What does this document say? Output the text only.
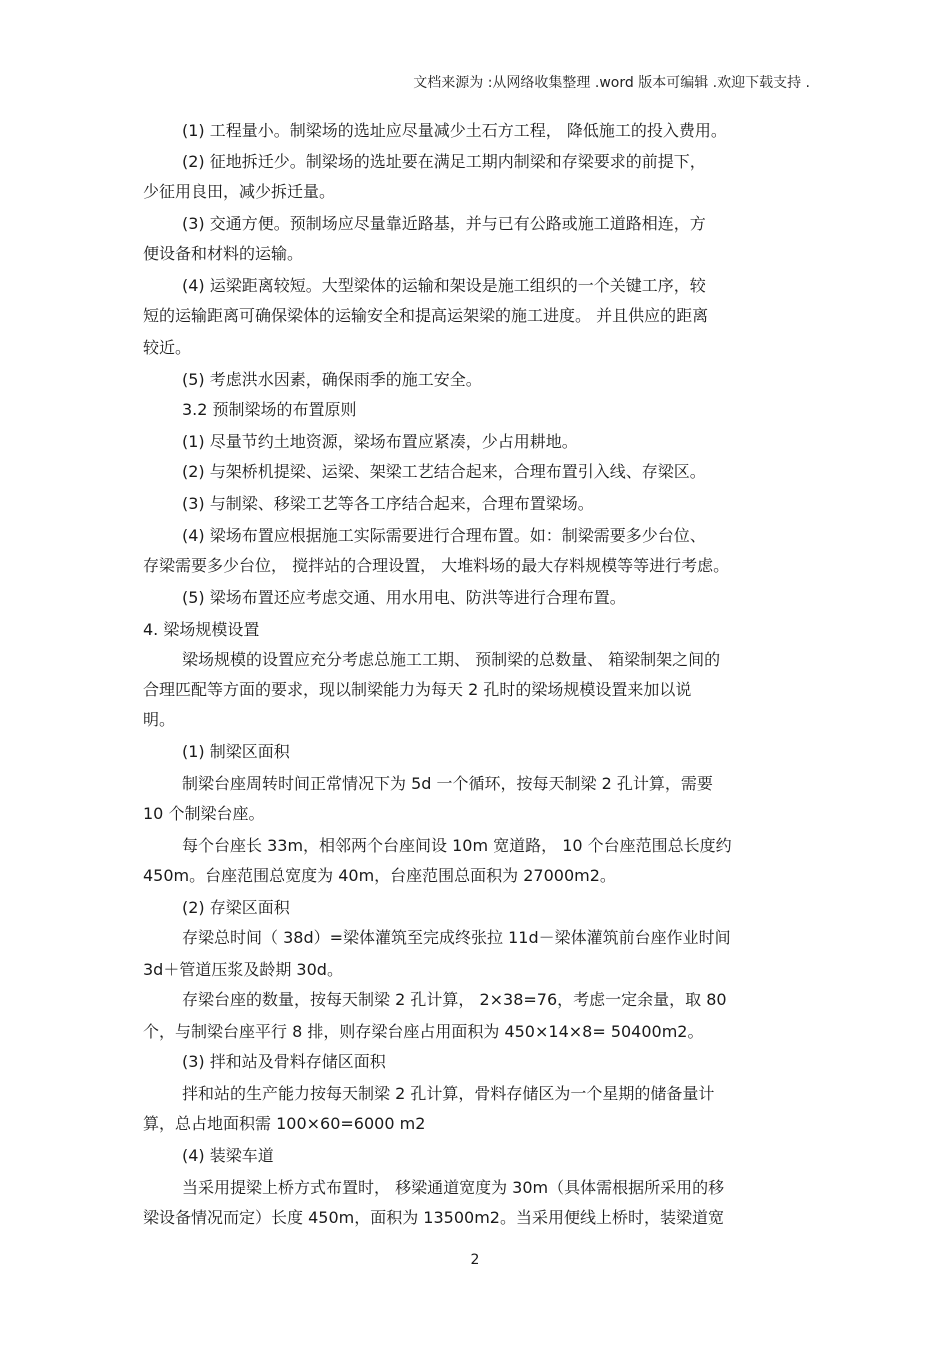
文档来源为 :从网络收集整理 .word 版本可编辑 .欢迎下载支持 .
(1) 工程量小。制梁场的选址应尽量减少土石方工程， 降低施工的投入费用。
(2) 征地拆迁少。制梁场的选址要在满足工期内制梁和存梁要求的前提下，
少征用良田，减少拆迁量。
(3) 交通方便。预制场应尽量靠近路基，并与已有公路或施工道路相连，方
便设备和材料的运输。
(4) 运梁距离较短。大型梁体的运输和架设是施工组织的一个关键工序，较
短的运输距离可确保梁体的运输安全和提高运架梁的施工进度。 并且供应的距离
较近。
(5) 考虑洪水因素，确保雨季的施工安全。
3.2 预制梁场的布置原则
(1) 尽量节约土地资源，梁场布置应紧凑，少占用耕地。
(2) 与架桥机提梁、运梁、架梁工艺结合起来，合理布置引入线、存梁区。
(3) 与制梁、移梁工艺等各工序结合起来，合理布置梁场。
(4) 梁场布置应根据施工实际需要进行合理布置。如：制梁需要多少台位、
存梁需要多少台位， 搅拌站的合理设置， 大堆料场的最大存料规模等等进行考虑。
(5) 梁场布置还应考虑交通、用水用电、防洪等进行合理布置。
4. 梁场规模设置
梁场规模的设置应充分考虑总施工工期、 预制梁的总数量、 箱梁制架之间的
合理匹配等方面的要求，现以制梁能力为每天 2 孔时的梁场规模设置来加以说
明。
(1) 制梁区面积
制梁台座周转时间正常情况下为 5d 一个循环，按每天制梁 2 孔计算，需要
10 个制梁台座。
每个台座长 33m，相邻两个台座间设 10m 宽道路， 10 个台座范围总长度约
450m。台座范围总宽度为 40m，台座范围总面积为 27000m2。
(2) 存梁区面积
存梁总时间（ 38d）=梁体灌筑至完成终张拉 11d－梁体灌筑前台座作业时间
3d＋管道压浆及龄期 30d。
存梁台座的数量，按每天制梁 2 孔计算， 2×38=76，考虑一定余量，取 80
个，与制梁台座平行 8 排，则存梁台座占用面积为 450×14×8= 50400m2。
(3) 拌和站及骨料存储区面积
拌和站的生产能力按每天制梁 2 孔计算，骨料存储区为一个星期的储备量计
算，总占地面积需 100×60=6000 m2
(4) 装梁车道
当采用提梁上桥方式布置时， 移梁通道宽度为 30m（具体需根据所采用的移
梁设备情况而定）长度 450m，面积为 13500m2。当采用便线上桥时，装梁道宽
2
